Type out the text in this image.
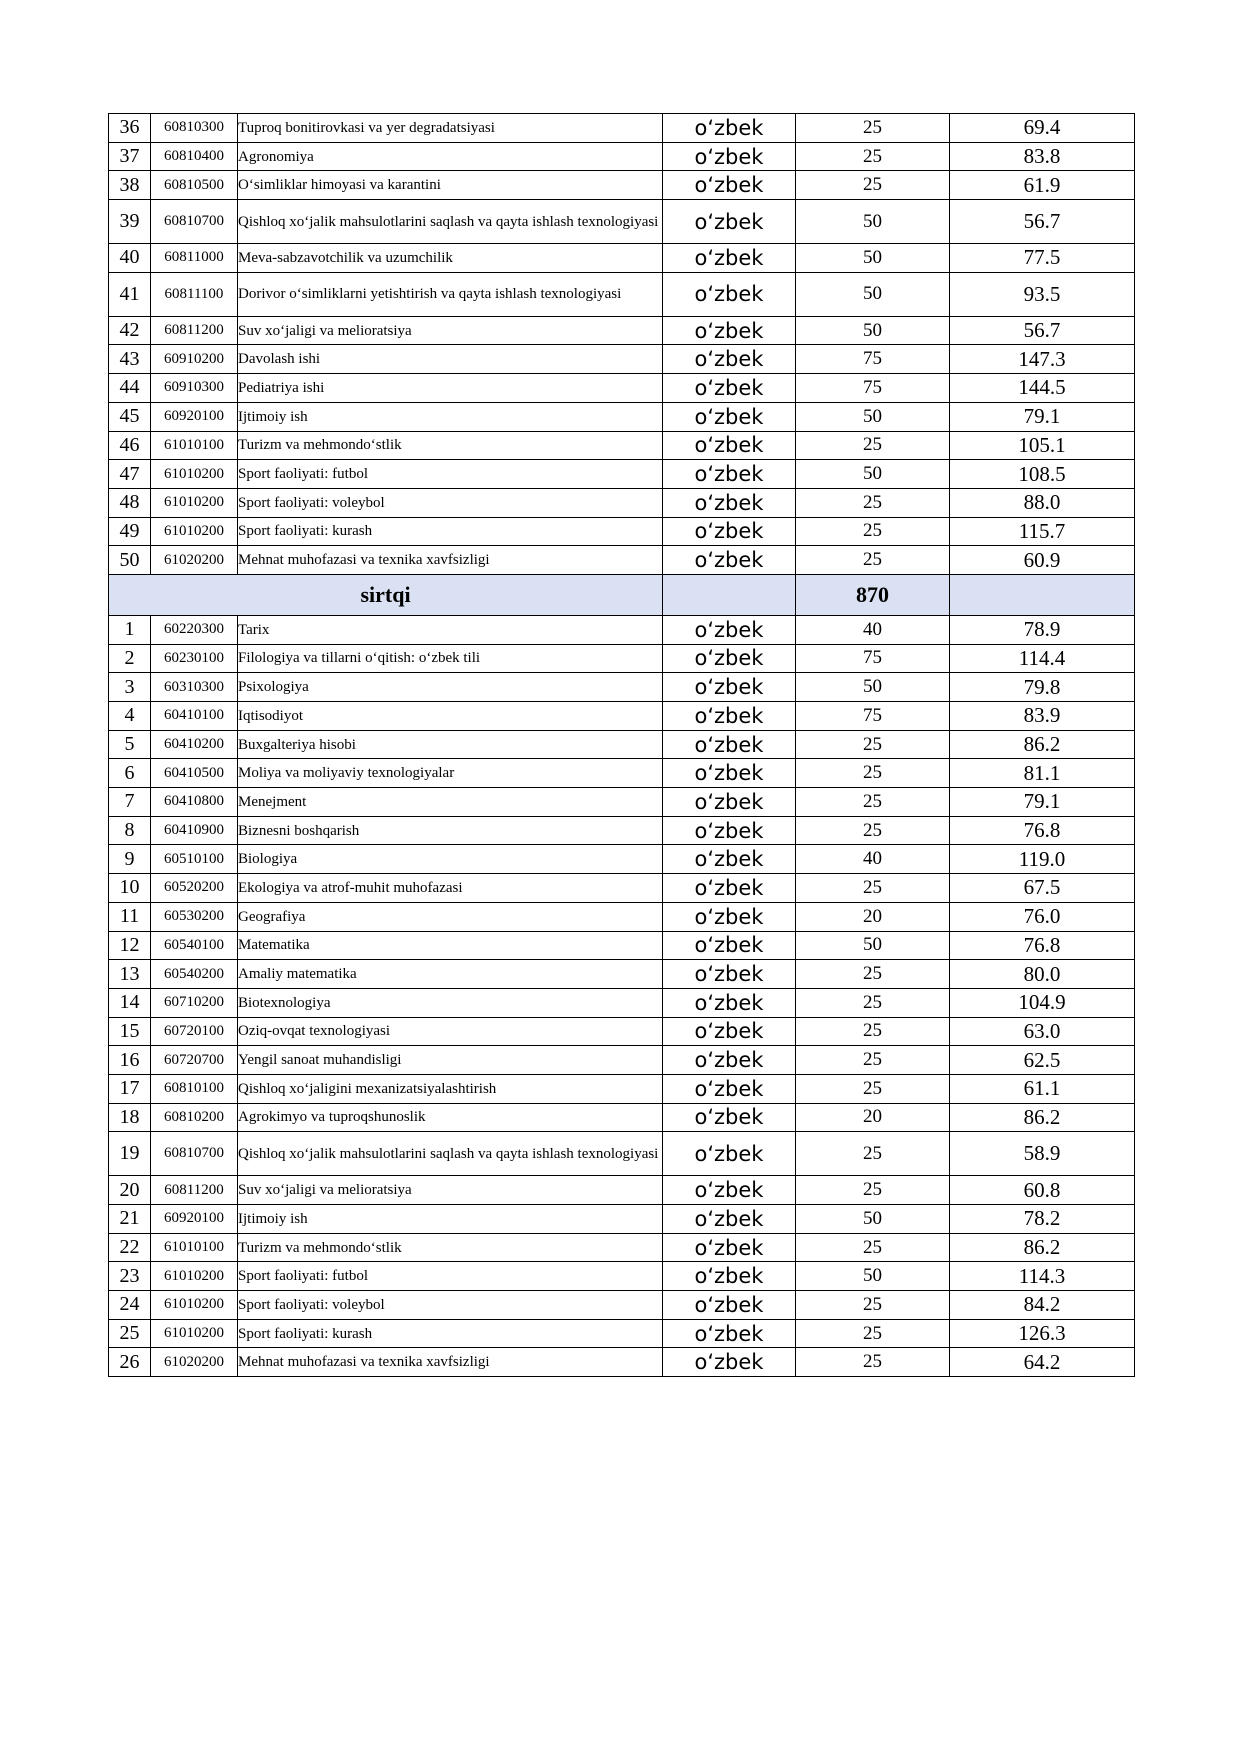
36	60810300	Tuproq bonitirovkasi va yer degradatsiyasi	o‘zbek	25	69.4
37	60810400	Agronomiya	o‘zbek	25	83.8
38	60810500	O‘simliklar himoyasi va karantini	o‘zbek	25	61.9
39	60810700	Qishloq xo‘jalik mahsulotlarini saqlash va qayta ishlash texnologiyasi	o‘zbek	50	56.7
40	60811000	Meva-sabzavotchilik va uzumchilik	o‘zbek	50	77.5
41	60811100	Dorivor o‘simliklarni yetishtirish va qayta ishlash texnologiyasi	o‘zbek	50	93.5
42	60811200	Suv xo‘jaligi va melioratsiya	o‘zbek	50	56.7
43	60910200	Davolash ishi	o‘zbek	75	147.3
44	60910300	Pediatriya ishi	o‘zbek	75	144.5
45	60920100	Ijtimoiy ish	o‘zbek	50	79.1
46	61010100	Turizm va mehmondo‘stlik	o‘zbek	25	105.1
47	61010200	Sport faoliyati: futbol	o‘zbek	50	108.5
48	61010200	Sport faoliyati: voleybol	o‘zbek	25	88.0
49	61010200	Sport faoliyati: kurash	o‘zbek	25	115.7
50	61020200	Mehnat muhofazasi va texnika xavfsizligi	o‘zbek	25	60.9
sirtqi				870	
1	60220300	Tarix	o‘zbek	40	78.9
2	60230100	Filologiya va tillarni o‘qitish: o‘zbek tili	o‘zbek	75	114.4
3	60310300	Psixologiya	o‘zbek	50	79.8
4	60410100	Iqtisodiyot	o‘zbek	75	83.9
5	60410200	Buxgalteriya hisobi	o‘zbek	25	86.2
6	60410500	Moliya va moliyaviy texnologiyalar	o‘zbek	25	81.1
7	60410800	Menejment	o‘zbek	25	79.1
8	60410900	Biznesni boshqarish	o‘zbek	25	76.8
9	60510100	Biologiya	o‘zbek	40	119.0
10	60520200	Ekologiya va atrof-muhit muhofazasi	o‘zbek	25	67.5
11	60530200	Geografiya	o‘zbek	20	76.0
12	60540100	Matematika	o‘zbek	50	76.8
13	60540200	Amaliy matematika	o‘zbek	25	80.0
14	60710200	Biotexnologiya	o‘zbek	25	104.9
15	60720100	Oziq-ovqat texnologiyasi	o‘zbek	25	63.0
16	60720700	Yengil sanoat muhandisligi	o‘zbek	25	62.5
17	60810100	Qishloq xo‘jaligini mexanizatsiyalashtirish	o‘zbek	25	61.1
18	60810200	Agrokimyo va tuproqshunoslik	o‘zbek	20	86.2
19	60810700	Qishloq xo‘jalik mahsulotlarini saqlash va qayta ishlash texnologiyasi	o‘zbek	25	58.9
20	60811200	Suv xo‘jaligi va melioratsiya	o‘zbek	25	60.8
21	60920100	Ijtimoiy ish	o‘zbek	50	78.2
22	61010100	Turizm va mehmondo‘stlik	o‘zbek	25	86.2
23	61010200	Sport faoliyati: futbol	o‘zbek	50	114.3
24	61010200	Sport faoliyati: voleybol	o‘zbek	25	84.2
25	61010200	Sport faoliyati: kurash	o‘zbek	25	126.3
26	61020200	Mehnat muhofazasi va texnika xavfsizligi	o‘zbek	25	64.2
